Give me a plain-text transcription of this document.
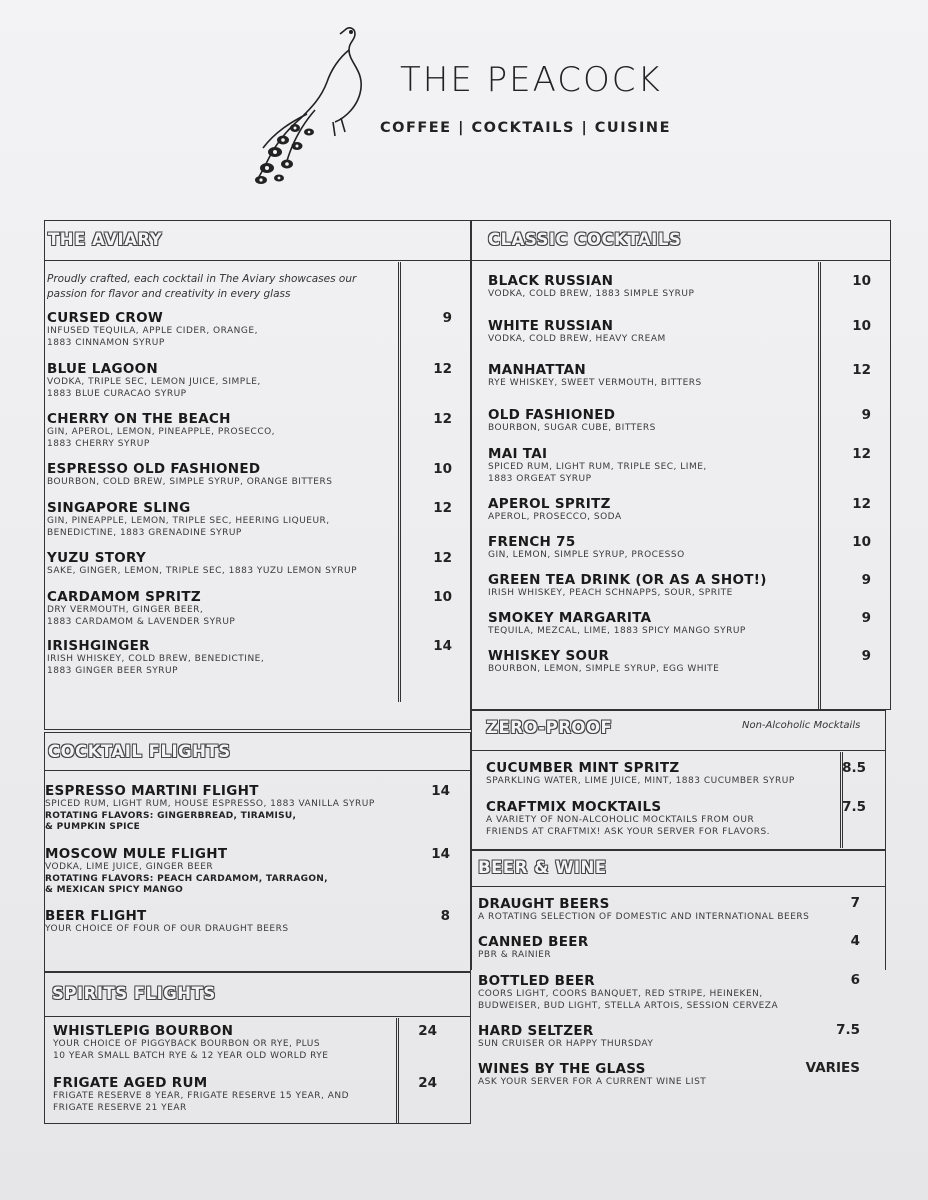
THE PEACOCK
COFFEE | COCKTAILS | CUISINE
THE AVIARY
Proudly crafted, each cocktail in The Aviary showcases our passion for flavor and creativity in every glass
CURSED CROW
INFUSED TEQUILA, APPLE CIDER, ORANGE,
1883 CINNAMON SYRUP
9
BLUE LAGOON
VODKA, TRIPLE SEC, LEMON JUICE, SIMPLE,
1883 BLUE CURACAO SYRUP
12
CHERRY ON THE BEACH
GIN, APEROL, LEMON, PINEAPPLE, PROSECCO,
1883 CHERRY SYRUP
12
ESPRESSO OLD FASHIONED
BOURBON, COLD BREW, SIMPLE SYRUP, ORANGE BITTERS
10
SINGAPORE SLING
GIN, PINEAPPLE, LEMON, TRIPLE SEC, HEERING LIQUEUR,
BENEDICTINE, 1883 GRENADINE SYRUP
12
YUZU STORY
SAKE, GINGER, LEMON, TRIPLE SEC, 1883 YUZU LEMON SYRUP
12
CARDAMOM SPRITZ
DRY VERMOUTH, GINGER BEER,
1883 CARDAMOM & LAVENDER SYRUP
10
IRISHGINGER
IRISH WHISKEY, COLD BREW, BENEDICTINE,
1883 GINGER BEER SYRUP
14
CLASSIC COCKTAILS
BLACK RUSSIAN
VODKA, COLD BREW, 1883 SIMPLE SYRUP
10
WHITE RUSSIAN
VODKA, COLD BREW, HEAVY CREAM
10
MANHATTAN
RYE WHISKEY, SWEET VERMOUTH, BITTERS
12
OLD FASHIONED
BOURBON, SUGAR CUBE, BITTERS
9
MAI TAI
SPICED RUM, LIGHT RUM, TRIPLE SEC, LIME,
1883 ORGEAT SYRUP
12
APEROL SPRITZ
APEROL, PROSECCO, SODA
12
FRENCH 75
GIN, LEMON, SIMPLE SYRUP, PROCESSO
10
GREEN TEA DRINK (OR AS A SHOT!)
IRISH WHISKEY, PEACH SCHNAPPS, SOUR, SPRITE
9
SMOKEY MARGARITA
TEQUILA, MEZCAL, LIME, 1883 SPICY MANGO SYRUP
9
WHISKEY SOUR
BOURBON, LEMON, SIMPLE SYRUP, EGG WHITE
9
ZERO-PROOF	Non-Alcoholic Mocktails
CUCUMBER MINT SPRITZ
SPARKLING WATER, LIME JUICE, MINT, 1883 CUCUMBER SYRUP
8.5
CRAFTMIX MOCKTAILS
A VARIETY OF NON-ALCOHOLIC MOCKTAILS FROM OUR
FRIENDS AT CRAFTMIX! ASK YOUR SERVER FOR FLAVORS.
7.5
COCKTAIL FLIGHTS
ESPRESSO MARTINI FLIGHT
SPICED RUM, LIGHT RUM, HOUSE ESPRESSO, 1883 VANILLA SYRUP
ROTATING FLAVORS: GINGERBREAD, TIRAMISU,
& PUMPKIN SPICE
14
MOSCOW MULE FLIGHT
VODKA, LIME JUICE, GINGER BEER
ROTATING FLAVORS: PEACH CARDAMOM, TARRAGON,
& MEXICAN SPICY MANGO
14
BEER FLIGHT
YOUR CHOICE OF FOUR OF OUR DRAUGHT BEERS
8
BEER & WINE
DRAUGHT BEERS
A ROTATING SELECTION OF DOMESTIC AND INTERNATIONAL BEERS
7
CANNED BEER
PBR & RAINIER
4
BOTTLED BEER
COORS LIGHT, COORS BANQUET, RED STRIPE, HEINEKEN,
BUDWEISER, BUD LIGHT, STELLA ARTOIS, SESSION CERVEZA
6
HARD SELTZER
SUN CRUISER OR HAPPY THURSDAY
7.5
WINES BY THE GLASS
ASK YOUR SERVER FOR A CURRENT WINE LIST
VARIES
SPIRITS FLIGHTS
WHISTLEPIG BOURBON
YOUR CHOICE OF PIGGYBACK BOURBON OR RYE, PLUS
10 YEAR SMALL BATCH RYE & 12 YEAR OLD WORLD RYE
24
FRIGATE AGED RUM
FRIGATE RESERVE 8 YEAR, FRIGATE RESERVE 15 YEAR, AND
FRIGATE RESERVE 21 YEAR
24
